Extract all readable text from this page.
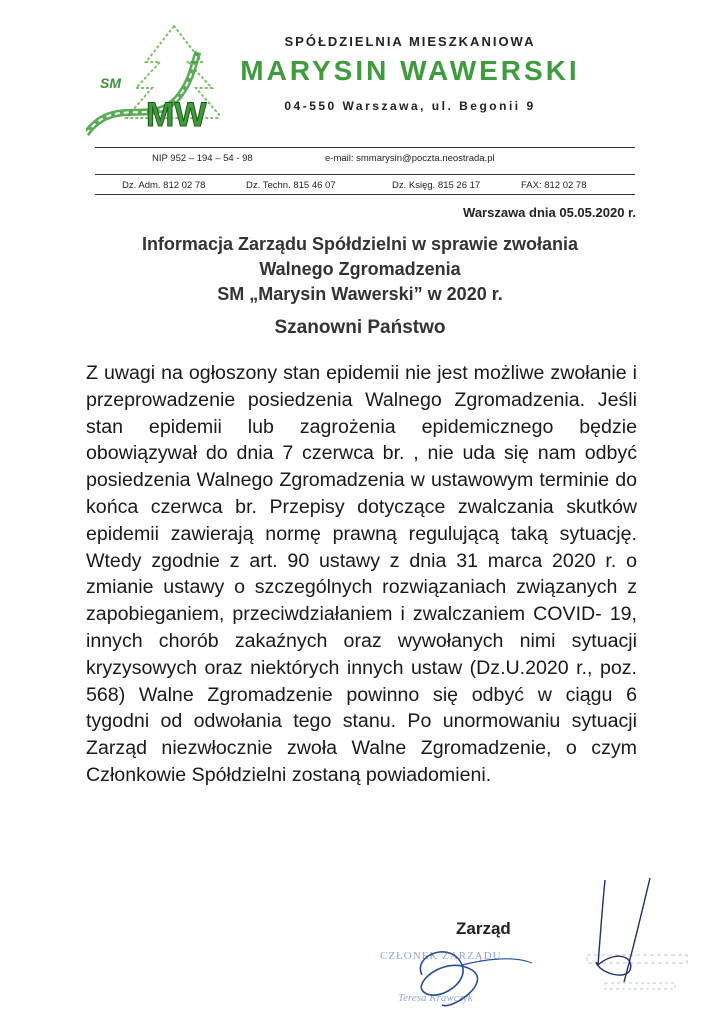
SM
MW
SPÓŁDZIELNIA MIESZKANIOWA
MARYSIN WAWERSKI
04-550 Warszawa, ul. Begonii 9
NIP 952 – 194 – 54 - 98	e-mail: smmarysin@poczta.neostrada.pl
Dz. Adm. 812 02 78	Dz. Techn. 815 46 07	Dz. Księg. 815 26 17	FAX: 812 02 78
Warszawa dnia 05.05.2020 r.
Informacja Zarządu Spółdzielni w sprawie zwołania
Walnego Zgromadzenia
SM „Marysin Wawerski” w 2020 r.
Szanowni Państwo

Z uwagi na ogłoszony stan epidemii nie jest możliwe zwołanie i przeprowadzenie posiedzenia Walnego Zgromadzenia. Jeśli stan epidemii lub zagrożenia epidemicznego będzie obowiązywał do dnia 7 czerwca br. , nie uda się nam odbyć posiedzenia Walnego Zgromadzenia w ustawowym terminie do końca czerwca br. Przepisy dotyczące zwalczania skutków epidemii zawierają normę prawną regulującą taką sytuację. Wtedy zgodnie z art. 90 ustawy z dnia 31 marca 2020 r. o zmianie ustawy o szczególnych rozwiązaniach związanych z zapobieganiem, przeciwdziałaniem i zwalczaniem COVID- 19, innych chorób zakaźnych oraz wywołanych nimi sytuacji kryzysowych oraz niektórych innych ustaw (Dz.U.2020 r., poz. 568) Walne Zgromadzenie powinno się odbyć w ciągu 6 tygodni od odwołania tego stanu. Po unormowaniu sytuacji Zarząd niezwłocznie zwoła Walne Zgromadzenie, o czym Członkowie Spółdzielni zostaną powiadomieni.

Zarząd
CZŁONEK ZARZĄDU
Teresa Krawczyk
